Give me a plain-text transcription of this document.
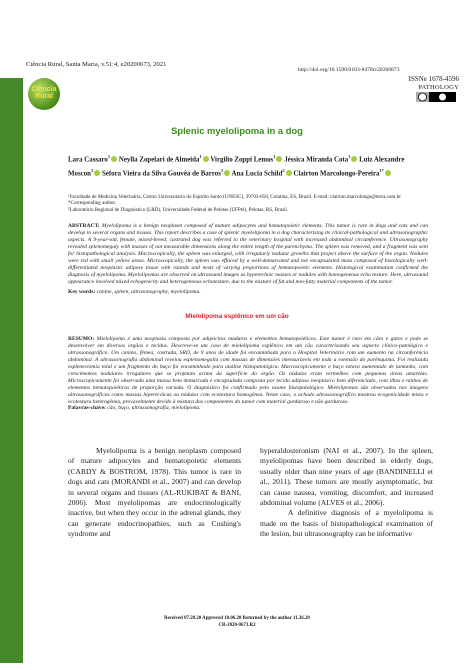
Ciência Rural, Santa Maria, v.51:4, e20200673, 2021
http://doi.org/10.1590/0103-8478cr20200673
Ciência
Rural
ISSNe 1678-4596
PATHOLOGY
Splenic myelolipoma in a dog
Lara Cassaro$^1$ Neylla Zopelari de Almeida$^1$ Virgilio Zoppi Lemos$^1$ Jéssica Miranda Cota$^1$ Luiz Alexandre Moscon$^1$ Séfora Vieira da Silva Gouvêa de Barros$^1$ Ana Lucia Schild$^2$ Clairton Marcolongo-Pereira$^{1*}$
¹Faculdade de Medicina Veterinária, Centro Universitário do Espírito Santo (UNESC), 29703-858, Colatina, ES, Brazil. E-mail: clairton.marcolongo@terra.com.br
*Corresponding author.
²Laboratório Regional de Diagnóstico (LRD), Universidade Federal de Pelotas (UFPel), Pelotas, RS, Brasil.
ABSTRACT: Myelolipoma is a benign neoplasm composed of mature adipocytes and hematopoietic elements. This tumor is rare in dogs and cats and can develop in several organs and tissues. This report describes a case of splenic myelolipoma in a dog characterizing its clinical-pathological and ultrasonographic aspects. A 9-year-old, female, mixed-breed, castrated dog was referred to the veterinary hospital with increased abdominal circumference. Ultrasonography revealed splenomegaly with masses of not measurable dimensions along the entire length of the parenchyma. The spleen was removed, and a fragment was sent for histopathological analysis. Macroscopically, the spleen was enlarged, with irregularly nodular growths that project above the surface of the organ. Nodules were red with small yellow areas. Microscopically, the spleen was effaced by a well-demarcated and not encapsulated mass composed of histologically well-differentiated neoplastic adipose tissue with islands and nests of varying proportions of hematopoietic elements. Histological examination confirmed the diagnosis of myelolipoma. Myelolipomas are observed on ultrasound images as hyperechoic masses or nodules with homogeneous echo texture. Here, ultrasound appearance involved mixed echogenicity and heterogeneous echotexture, due to the mixture of fat and non-fatty material components of the tumor.
Key words: canine, spleen, ultrasonography, myelolipoma.
Mielolipoma esplênico em um cão
RESUMO: Mielolipoma é uma neoplasia composta por adipócitos maduros e elementos hematopoiéticos. Este tumor é raro em cães e gatos e pode se desenvolver em diversos órgãos e tecidos. Descreve-se um caso de mielolipoma esplênico em um cão caracterizando seu aspecto clínico-patológico e ultrassonográfico. Um canino, fêmea, castrada, SRD, de 9 anos de idade foi encaminhada para o Hospital Veterinário com um aumento na circunferência abdominal. A ultrassonografia abdominal revelou esplenomegalia com massas de dimensões imensuráveis em toda a extensão do parênquima. Foi realizada esplenectomia total e um fragmento do baço foi encaminhado para análise histopatológica. Macroscopicamente o baço estava aumentado de tamanho, com crescimentos nodulares irregulares que se projetam acima da superfície do órgão. Os nódulos eram vermelhos com pequenas áreas amarelas. Microscopicamente foi observada uma massa bem demarcada e encapsulada composta por tecido adiposo neoplásico bem diferenciado, com ilhas e ninhos de elementos hematopoiéticos de proporção variada. O diagnóstico foi confirmado pelo exame histopatológico. Mielolipomas são observados nas imagens ultrassonográficas como massas hiperecóicas ou nódulos com ecotextura homogênea. Neste caso, o achado ultrassonográfico mostrou ecogenicidade mista e ecotextura heterogênea, provavelmente devido à mistura dos componentes do tumor com material gorduroso e não gorduroso.
Palavras-chave: cão, baço, ultrassonografia, mielolipoma.
Myelolipoma is a benign neoplasm composed of mature adipocytes and hematopoietic elements (CARDY & BOSTROM, 1978). This tumor is rare in dogs and cats (MORANDI et al., 2007) and can develop in several organs and tissues (AL-RUKIBAT & BANI, 2006). Most myelolipomas are endocrinologically inactive, but when they occur in the adrenal glands, they can generate endocrinopathies, such as Cushing's syndrome and
hyperaldosteronism (NAI et al., 2007). In the spleen, myelolipomas have been described in elderly dogs, usually older than nine years of age (BANDINELLI et al., 2011). These tumors are mostly asymptomatic, but can cause nausea, vomiting, discomfort, and increased abdominal volume (ALVES et al., 2006).
A definitive diagnosis of a myelolipoma is made on the basis of histopathological examination of the lesion, but ultrasonography can be informative
Received 07.20.20 Approved 10.06.20 Returned by the author 11.26.20
CR-2020-0673.R2
